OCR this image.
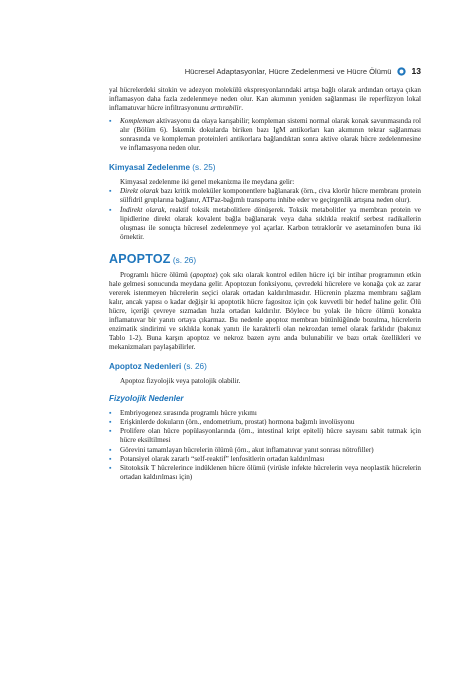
Hücresel Adaptasyonlar, Hücre Zedelenmesi ve Hücre Ölümü 13

yal hücrelerdeki sitokin ve adezyon molekülü ekspresyonlarındaki artışa bağlı olarak ardından ortaya çıkan inflamasyon daha fazla zedelenmeye neden olur. Kan akımının yeniden sağlanması ile reperfüzyon lokal inflamatuvar hücre infiltrasyonunu arttırabilir.

▪ Kompleman aktivasyonu da olaya karışabilir; kompleman sistemi normal olarak konak savunmasında rol alır (Bölüm 6). İskemik dokularda biriken bazı IgM antikorları kan akımının tekrar sağlanması sonrasında ve kompleman proteinleri antikorlara bağlandıktan sonra aktive olarak hücre zedelenmesine ve inflamasyona neden olur.
Kimyasal Zedelenme (s. 25)

Kimyasal zedelenme iki genel mekanizma ile meydana gelir:

▪ Direkt olarak bazı kritik moleküler komponentlere bağlanarak (örn., civa klorür hücre membranı protein sülfidril gruplarına bağlanır, ATPaz-bağımlı transportu inhibe eder ve geçirgenlik artışına neden olur).
▪ İndirekt olarak, reaktif toksik metabolitlere dönüşerek. Toksik metabolitler ya membran protein ve lipidlerine direkt olarak kovalent bağla bağlanarak veya daha sıklıkla reaktif serbest radikallerin oluşması ile sonuçta hücresel zedelenmeye yol açarlar. Karbon tetraklorür ve asetaminofen buna iki örnektir.
APOPTOZ (s. 26)

Programlı hücre ölümü (apoptoz) çok sıkı olarak kontrol edilen hücre içi bir intihar programının etkin hale gelmesi sonucunda meydana gelir. Apoptozun fonksiyonu, çevredeki hücrelere ve konağa çok az zarar vererek istenmeyen hücrelerin seçici olarak ortadan kaldırılmasıdır. Hücrenin plazma membranı sağlam kalır, ancak yapısı o kadar değişir ki apoptotik hücre fagositoz için çok kuvvetli bir hedef haline gelir. Ölü hücre, içeriği çevreye sızmadan hızla ortadan kaldırılır. Böylece bu yolak ile hücre ölümü konakta inflamatuvar bir yanıtı ortaya çıkarmaz. Bu nedenle apoptoz membran bütünlüğünde bozulma, hücrelerin enzimatik sindirimi ve sıklıkla konak yanıtı ile karakterli olan nekrozdan temel olarak farklıdır (bakınız Tablo 1-2). Buna karşın apoptoz ve nekroz bazen aynı anda bulunabilir ve bazı ortak özellikleri ve mekanizmaları paylaşabilirler.

Apoptoz Nedenleri (s. 26)

Apoptoz fizyolojik veya patolojik olabilir.

Fizyolojik Nedenler
▪ Embriyogenez sırasında programlı hücre yıkımı
▪ Erişkinlerde dokuların (örn., endometrium, prostat) hormona bağımlı involüsyonu
▪ Prolifere olan hücre popülasyonlarında (örn., intestinal kript epiteli) hücre sayısını sabit tutmak için hücre eksiltilmesi
▪ Görevini tamamlayan hücrelerin ölümü (örn., akut inflamatuvar yanıt sonrası nötrofiller)
▪ Potansiyel olarak zararlı “self-reaktif” lenfositlerin ortadan kaldırılması
▪ Sitotoksik T hücrelerince indüklenen hücre ölümü (virüsle infekte hücrelerin veya neoplastik hücrelerin ortadan kaldırılması için)
